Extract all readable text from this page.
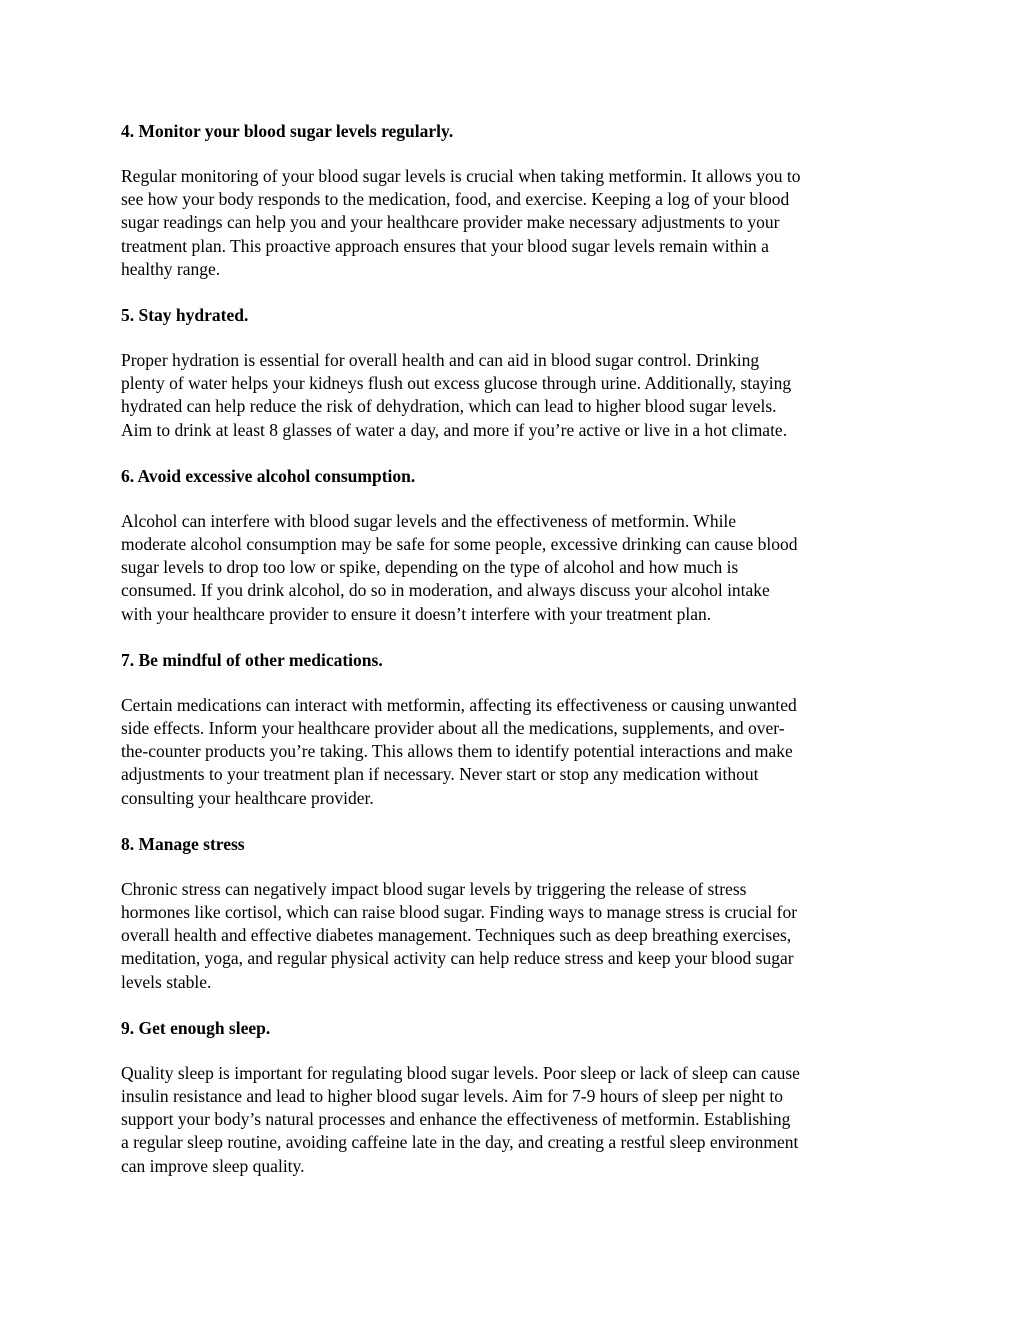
4. Monitor your blood sugar levels regularly.

Regular monitoring of your blood sugar levels is crucial when taking metformin. It allows you to
see how your body responds to the medication, food, and exercise. Keeping a log of your blood
sugar readings can help you and your healthcare provider make necessary adjustments to your
treatment plan. This proactive approach ensures that your blood sugar levels remain within a
healthy range.

5. Stay hydrated.

Proper hydration is essential for overall health and can aid in blood sugar control. Drinking
plenty of water helps your kidneys flush out excess glucose through urine. Additionally, staying
hydrated can help reduce the risk of dehydration, which can lead to higher blood sugar levels.
Aim to drink at least 8 glasses of water a day, and more if you’re active or live in a hot climate.

6. Avoid excessive alcohol consumption.

Alcohol can interfere with blood sugar levels and the effectiveness of metformin. While
moderate alcohol consumption may be safe for some people, excessive drinking can cause blood
sugar levels to drop too low or spike, depending on the type of alcohol and how much is
consumed. If you drink alcohol, do so in moderation, and always discuss your alcohol intake
with your healthcare provider to ensure it doesn’t interfere with your treatment plan.

7. Be mindful of other medications.

Certain medications can interact with metformin, affecting its effectiveness or causing unwanted
side effects. Inform your healthcare provider about all the medications, supplements, and over-
the-counter products you’re taking. This allows them to identify potential interactions and make
adjustments to your treatment plan if necessary. Never start or stop any medication without
consulting your healthcare provider.

8. Manage stress

Chronic stress can negatively impact blood sugar levels by triggering the release of stress
hormones like cortisol, which can raise blood sugar. Finding ways to manage stress is crucial for
overall health and effective diabetes management. Techniques such as deep breathing exercises,
meditation, yoga, and regular physical activity can help reduce stress and keep your blood sugar
levels stable.

9. Get enough sleep.

Quality sleep is important for regulating blood sugar levels. Poor sleep or lack of sleep can cause
insulin resistance and lead to higher blood sugar levels. Aim for 7-9 hours of sleep per night to
support your body’s natural processes and enhance the effectiveness of metformin. Establishing
a regular sleep routine, avoiding caffeine late in the day, and creating a restful sleep environment
can improve sleep quality.
